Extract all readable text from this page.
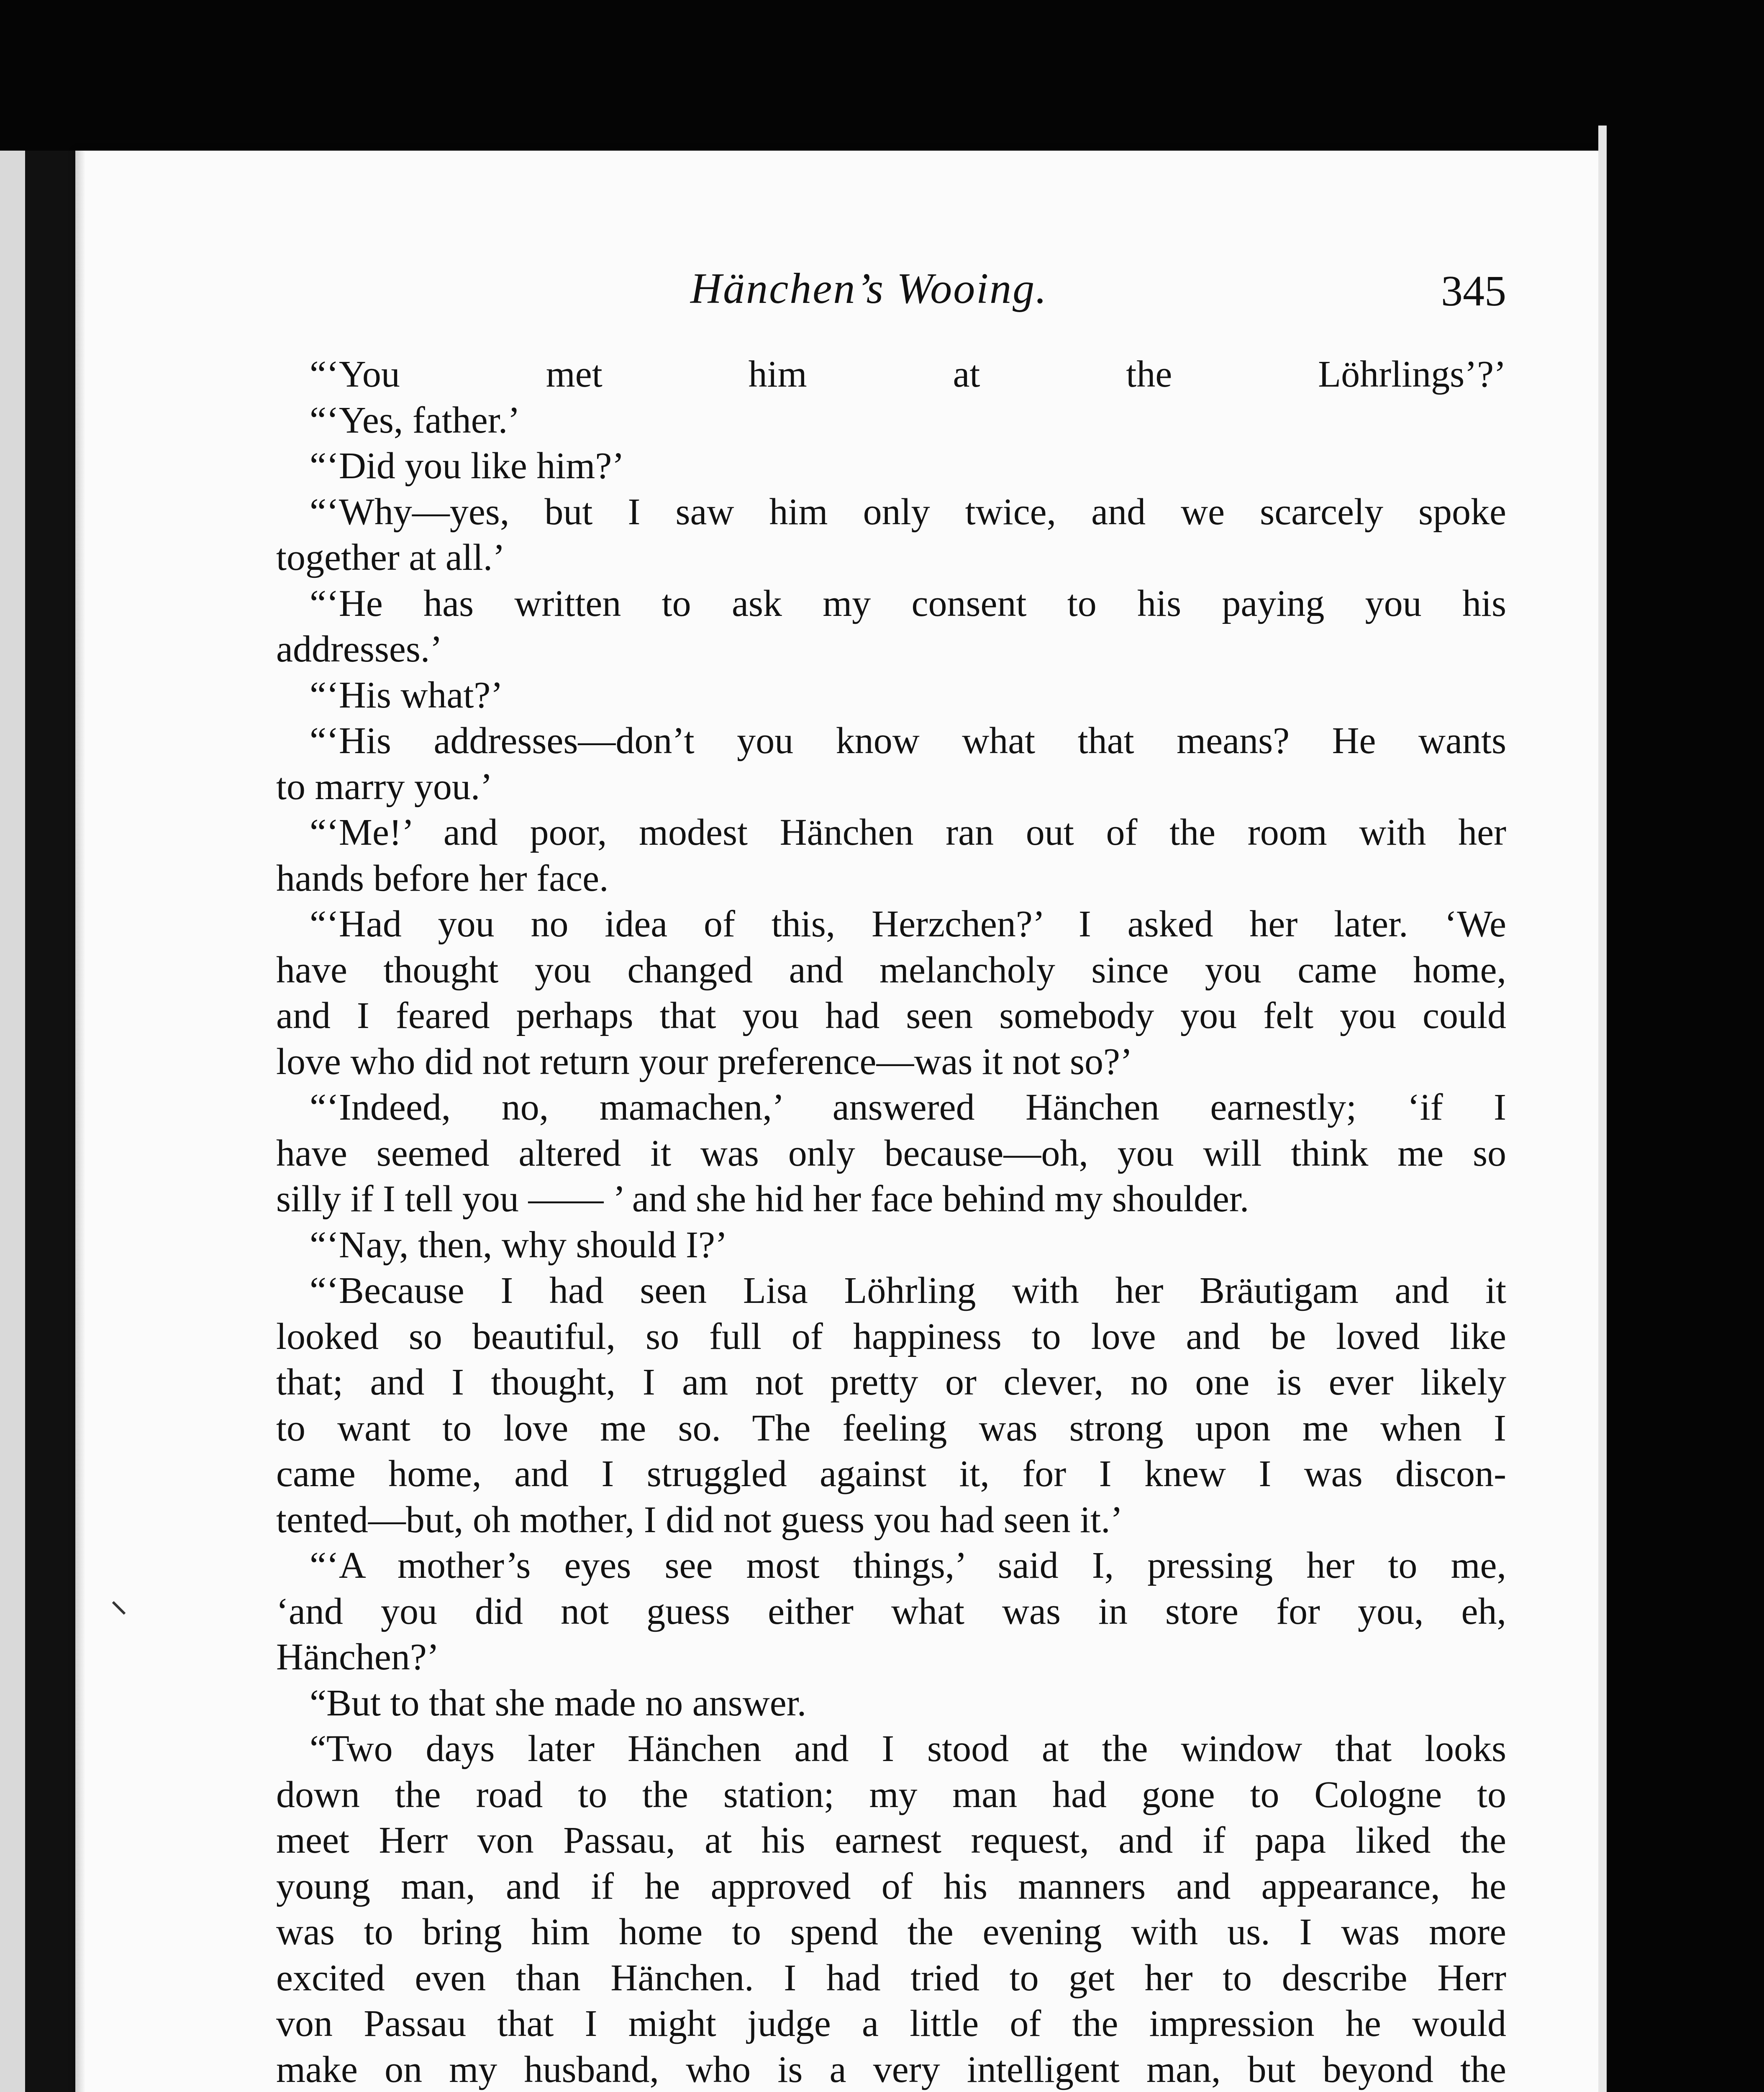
Hänchen’s Wooing.	345
“‘You met him at the Löhrlings’?’
“‘Yes, father.’
“‘Did you like him?’
“‘Why—yes, but I saw him only twice, and we scarcely spoke
together at all.’
“‘He has written to ask my consent to his paying you his
addresses.’
“‘His what?’
“‘His addresses—don’t you know what that means? He wants
to marry you.’
“‘Me!’ and poor, modest Hänchen ran out of the room with her
hands before her face.
“‘Had you no idea of this, Herzchen?’ I asked her later. ‘We
have thought you changed and melancholy since you came home,
and I feared perhaps that you had seen somebody you felt you could
love who did not return your preference—was it not so?’
“‘Indeed, no, mamachen,’ answered Hänchen earnestly; ‘if I
have seemed altered it was only because—oh, you will think me so
silly if I tell you —— ’ and she hid her face behind my shoulder.
“‘Nay, then, why should I?’
“‘Because I had seen Lisa Löhrling with her Bräutigam and it
looked so beautiful, so full of happiness to love and be loved like
that; and I thought, I am not pretty or clever, no one is ever likely
to want to love me so. The feeling was strong upon me when I
came home, and I struggled against it, for I knew I was discon-
tented—but, oh mother, I did not guess you had seen it.’
“‘A mother’s eyes see most things,’ said I, pressing her to me,
‘and you did not guess either what was in store for you, eh,
Hänchen?’
“But to that she made no answer.
“Two days later Hänchen and I stood at the window that looks
down the road to the station; my man had gone to Cologne to
meet Herr von Passau, at his earnest request, and if papa liked the
young man, and if he approved of his manners and appearance, he
was to bring him home to spend the evening with us. I was more
excited even than Hänchen. I had tried to get her to describe Herr
von Passau that I might judge a little of the impression he would
make on my husband, who is a very intelligent man, but beyond the
